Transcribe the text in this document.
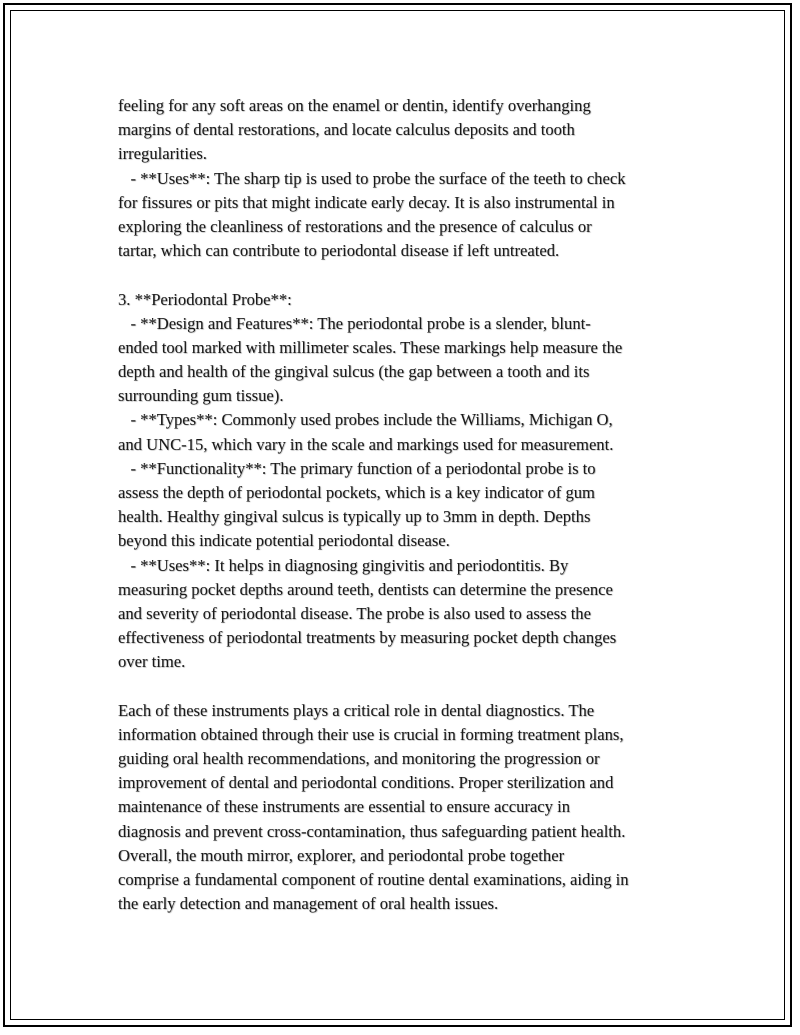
feeling for any soft areas on the enamel or dentin, identify overhanging
margins of dental restorations, and locate calculus deposits and tooth
irregularities.
- **Uses**: The sharp tip is used to probe the surface of the teeth to check
for fissures or pits that might indicate early decay. It is also instrumental in
exploring the cleanliness of restorations and the presence of calculus or
tartar, which can contribute to periodontal disease if left untreated.
3. **Periodontal Probe**:
- **Design and Features**: The periodontal probe is a slender, blunt-
ended tool marked with millimeter scales. These markings help measure the
depth and health of the gingival sulcus (the gap between a tooth and its
surrounding gum tissue).
- **Types**: Commonly used probes include the Williams, Michigan O,
and UNC-15, which vary in the scale and markings used for measurement.
- **Functionality**: The primary function of a periodontal probe is to
assess the depth of periodontal pockets, which is a key indicator of gum
health. Healthy gingival sulcus is typically up to 3mm in depth. Depths
beyond this indicate potential periodontal disease.
- **Uses**: It helps in diagnosing gingivitis and periodontitis. By
measuring pocket depths around teeth, dentists can determine the presence
and severity of periodontal disease. The probe is also used to assess the
effectiveness of periodontal treatments by measuring pocket depth changes
over time.
Each of these instruments plays a critical role in dental diagnostics. The
information obtained through their use is crucial in forming treatment plans,
guiding oral health recommendations, and monitoring the progression or
improvement of dental and periodontal conditions. Proper sterilization and
maintenance of these instruments are essential to ensure accuracy in
diagnosis and prevent cross-contamination, thus safeguarding patient health.
Overall, the mouth mirror, explorer, and periodontal probe together
comprise a fundamental component of routine dental examinations, aiding in
the early detection and management of oral health issues.
